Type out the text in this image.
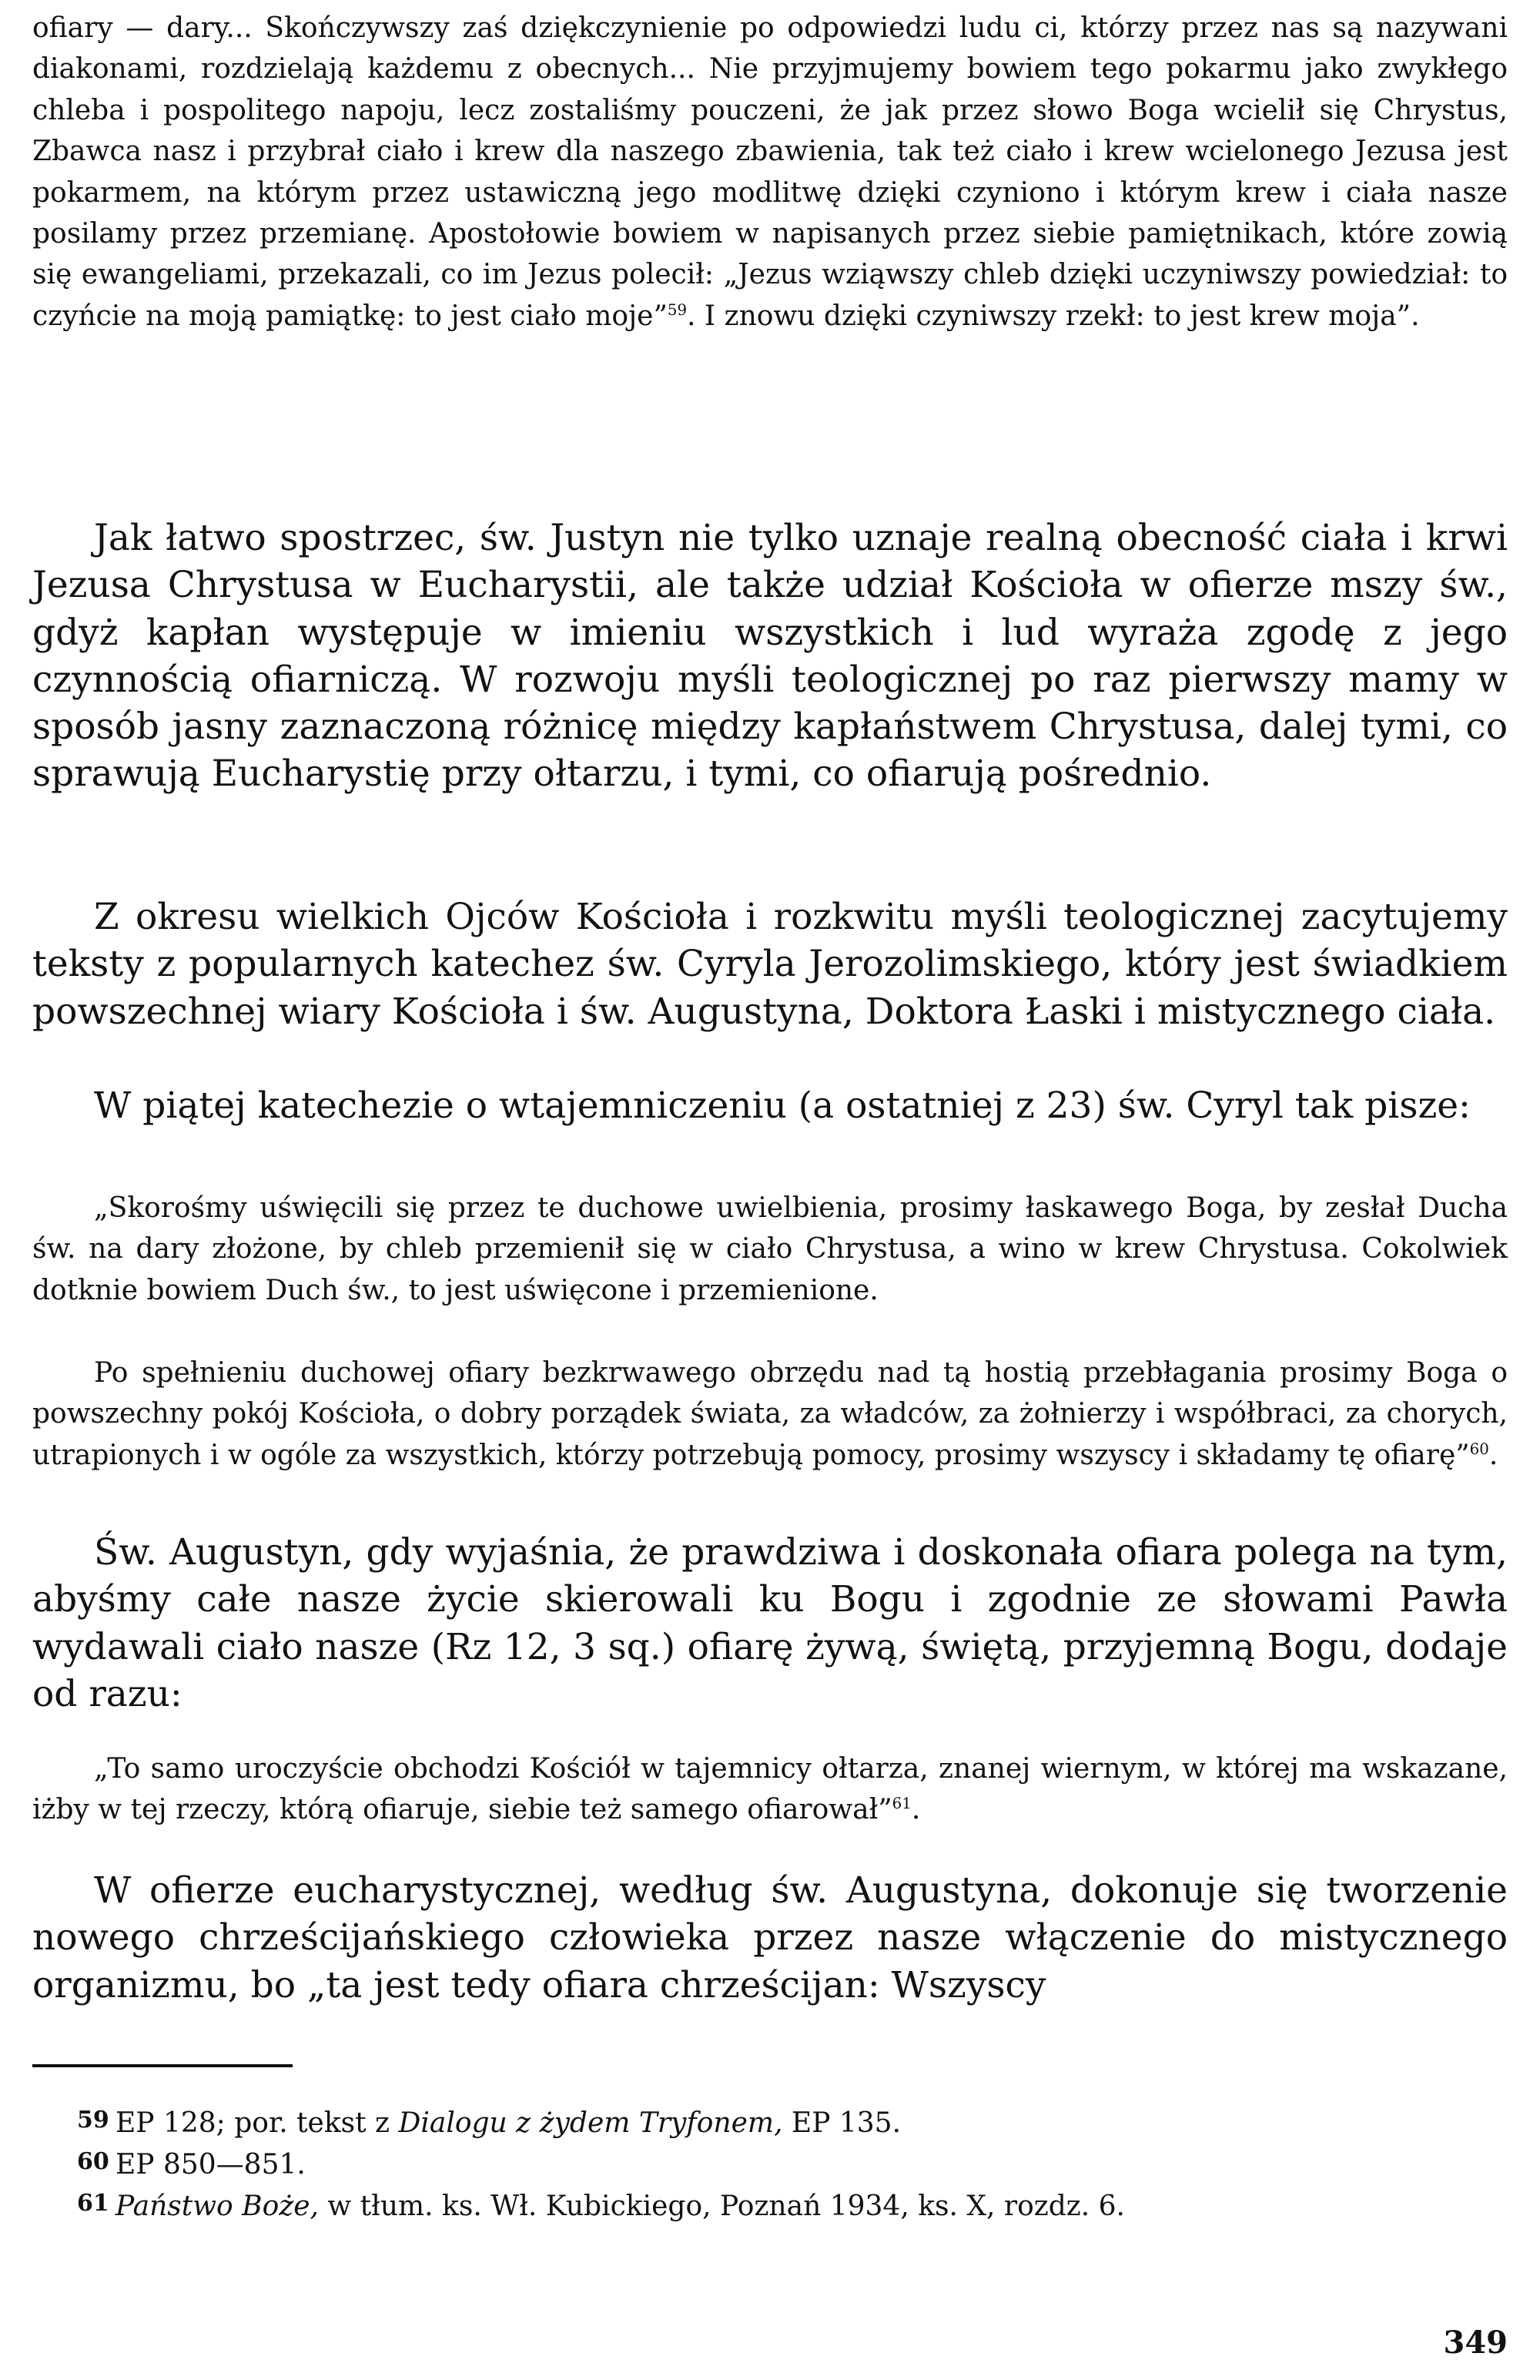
ofiary — dary... Skończywszy zaś dziękczynienie po odpowiedzi ludu ci, którzy przez nas są nazywani diakonami, rozdzielają każdemu z obecnych... Nie przyjmujemy bowiem tego pokarmu jako zwykłego chleba i pospolitego napoju, lecz zostaliśmy pouczeni, że jak przez słowo Boga wcielił się Chrystus, Zbawca nasz i przybrał ciało i krew dla naszego zbawienia, tak też ciało i krew wcielonego Jezusa jest pokarmem, na którym przez ustawiczną jego modlitwę dzięki czyniono i którym krew i ciała nasze posilamy przez przemianę. Apostołowie bowiem w napisanych przez siebie pamiętnikach, które zowią się ewangeliami, przekazali, co im Jezus polecił: „Jezus wziąwszy chleb dzięki uczyniwszy powiedział: to czyńcie na moją pamiątkę: to jest ciało moje”$^{59}$. I znowu dzięki czyniwszy rzekł: to jest krew moja”.

Jak łatwo spostrzec, św. Justyn nie tylko uznaje realną obecność ciała i krwi Jezusa Chrystusa w Eucharystii, ale także udział Kościoła w ofierze mszy św., gdyż kapłan występuje w imieniu wszystkich i lud wyraża zgodę z jego czynnością ofiarniczą. W rozwoju myśli teologicznej po raz pierwszy mamy w sposób jasny zaznaczoną różnicę między kapłaństwem Chrystusa, dalej tymi, co sprawują Eucharystię przy ołtarzu, i tymi, co ofiarują pośrednio.

Z okresu wielkich Ojców Kościoła i rozkwitu myśli teologicznej zacytujemy teksty z popularnych katechez św. Cyryla Jerozolimskiego, który jest świadkiem powszechnej wiary Kościoła i św. Augustyna, Doktora Łaski i mistycznego ciała.

W piątej katechezie o wtajemniczeniu (a ostatniej z 23) św. Cyryl tak pisze:

„Skorośmy uświęcili się przez te duchowe uwielbienia, prosimy łaskawego Boga, by zesłał Ducha św. na dary złożone, by chleb przemienił się w ciało Chrystusa, a wino w krew Chrystusa. Cokolwiek dotknie bowiem Duch św., to jest uświęcone i przemienione.

Po spełnieniu duchowej ofiary bezkrwawego obrzędu nad tą hostią przebłagania prosimy Boga o powszechny pokój Kościoła, o dobry porządek świata, za władców, za żołnierzy i współbraci, za chorych, utrapionych i w ogóle za wszystkich, którzy potrzebują pomocy, prosimy wszyscy i składamy tę ofiarę”$^{60}$.

Św. Augustyn, gdy wyjaśnia, że prawdziwa i doskonała ofiara polega na tym, abyśmy całe nasze życie skierowali ku Bogu i zgodnie ze słowami Pawła wydawali ciało nasze (Rz 12, 3 sq.) ofiarę żywą, świętą, przyjemną Bogu, dodaje od razu:

„To samo uroczyście obchodzi Kościół w tajemnicy ołtarza, znanej wiernym, w której ma wskazane, iżby w tej rzeczy, którą ofiaruje, siebie też samego ofiarował”$^{61}$.

W ofierze eucharystycznej, według św. Augustyna, dokonuje się tworzenie nowego chrześcijańskiego człowieka przez nasze włączenie do mistycznego organizmu, bo „ta jest tedy ofiara chrześcijan: Wszyscy

59 EP 128; por. tekst z Dialogu z żydem Tryfonem, EP 135.

60 EP 850—851.

61 Państwo Boże, w tłum. ks. Wł. Kubickiego, Poznań 1934, ks. X, rozdz. 6.

349
